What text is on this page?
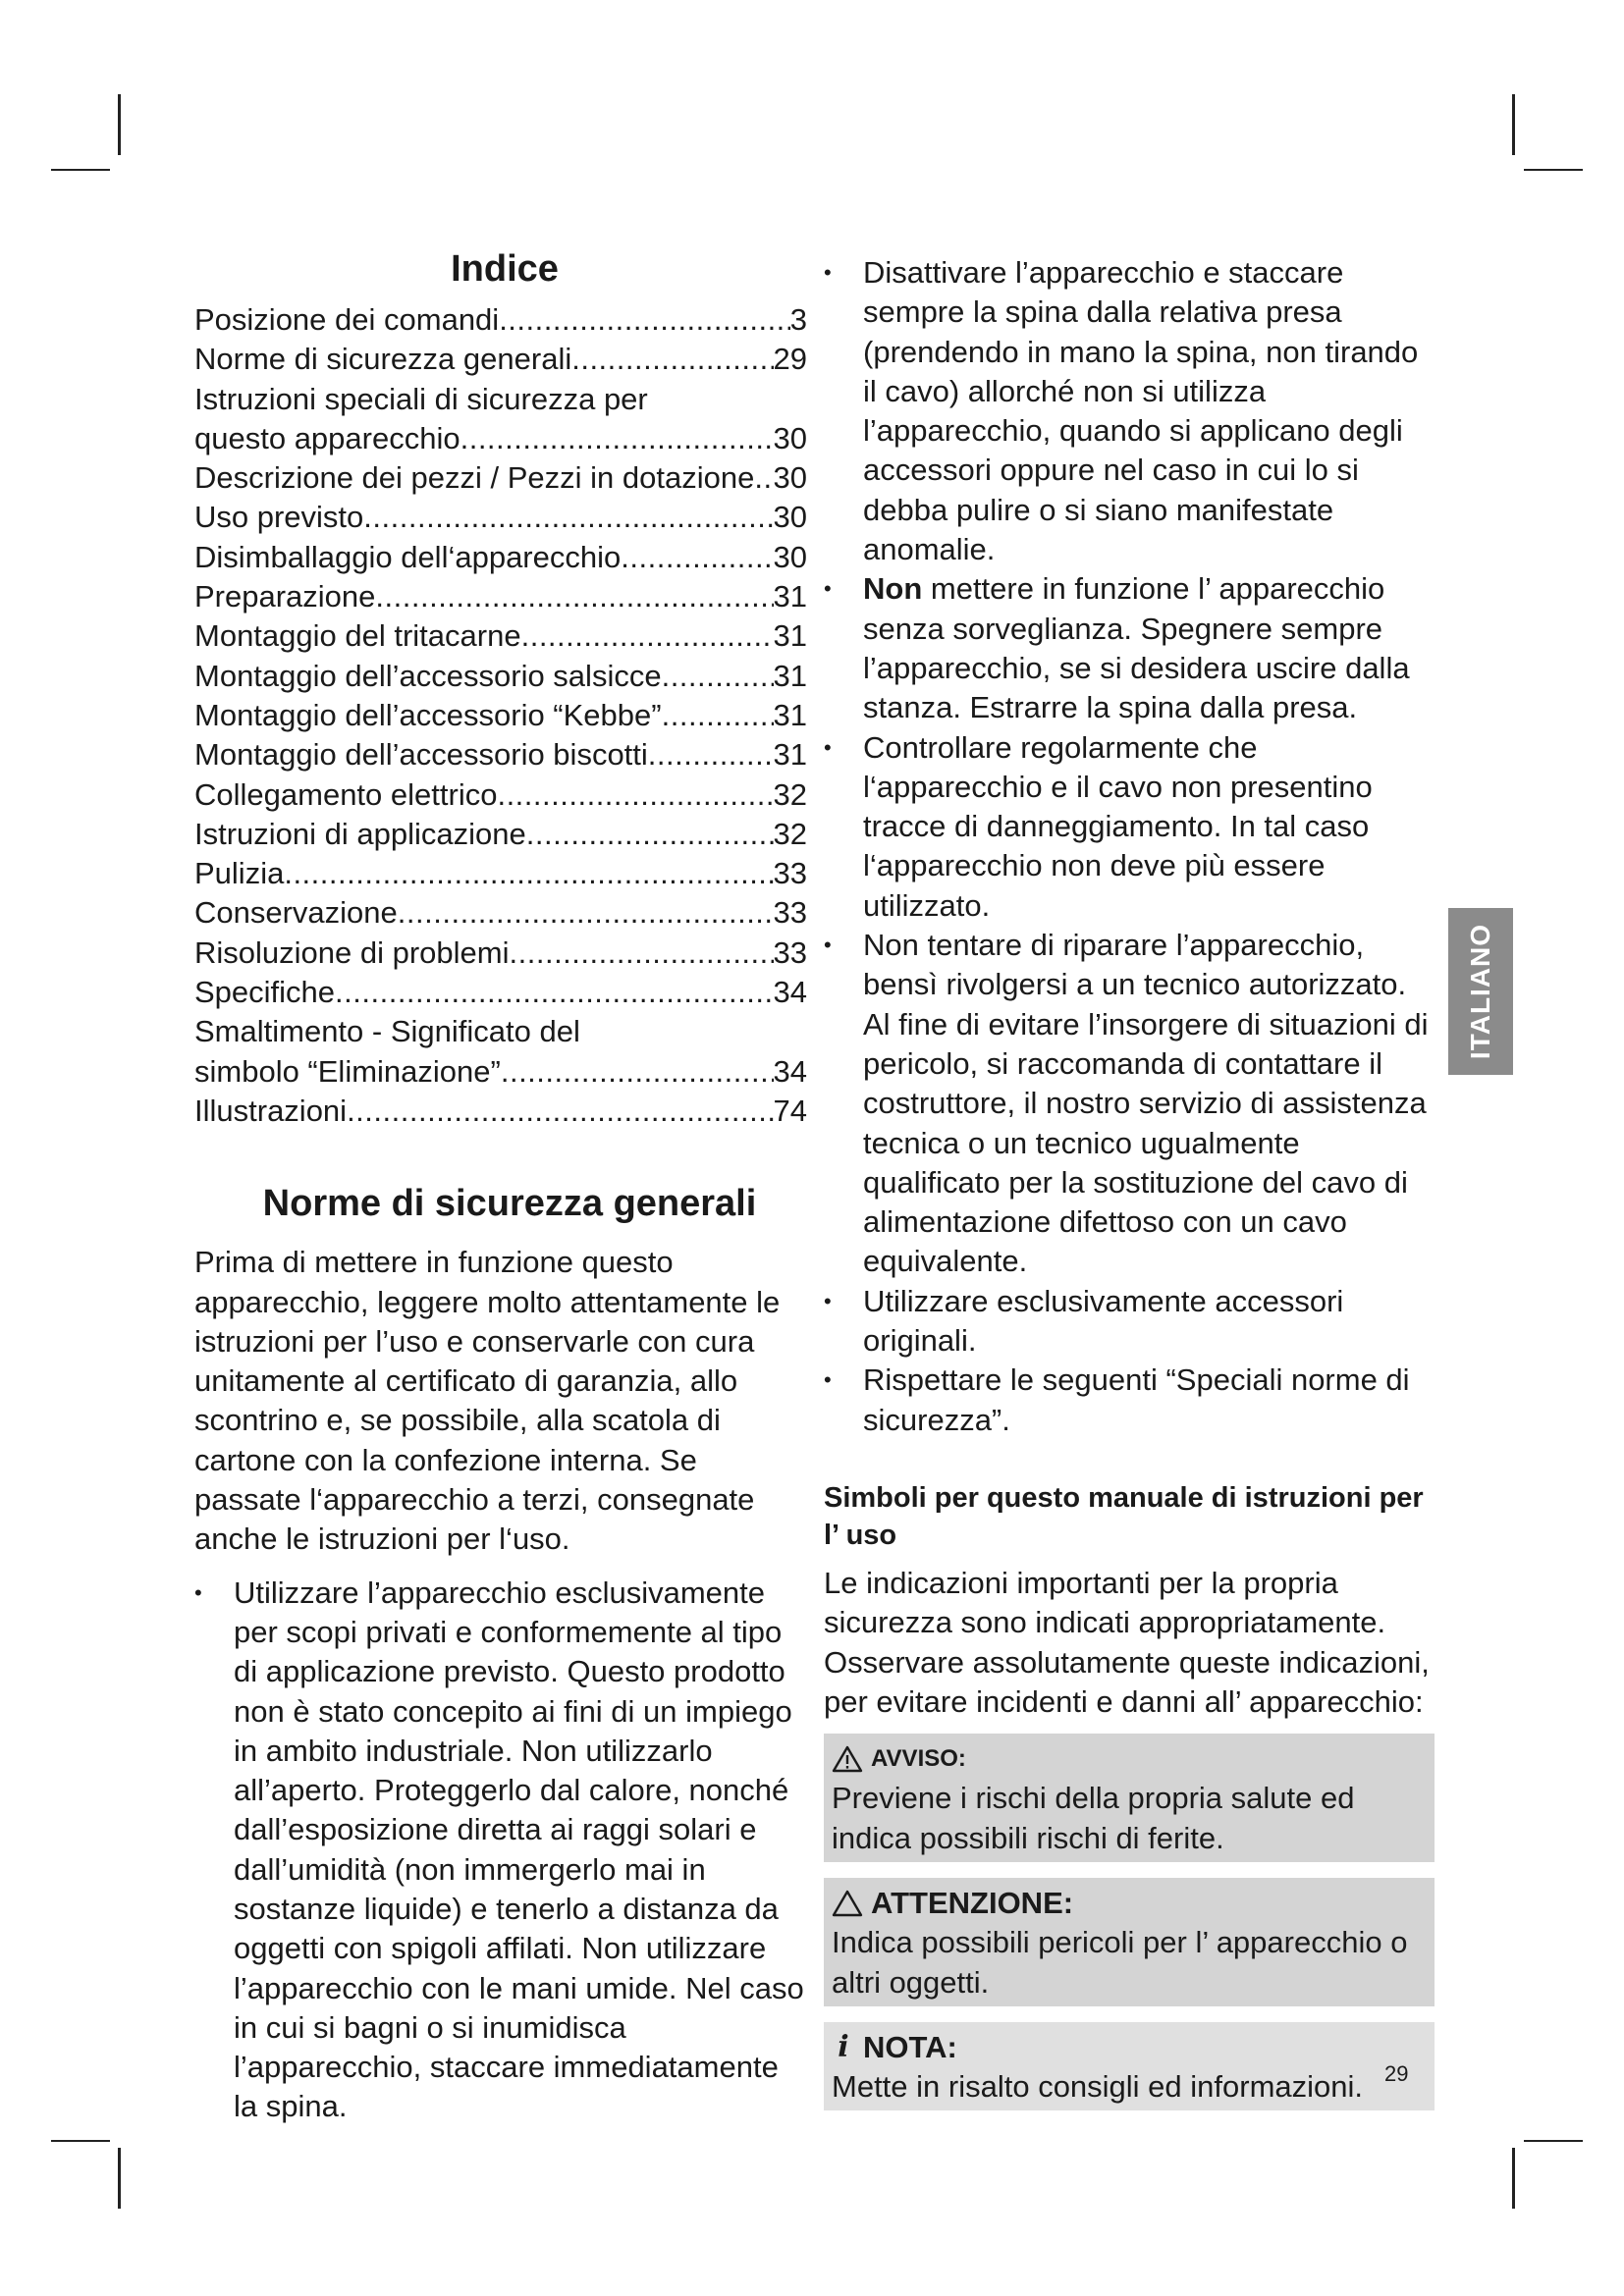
Indice
Posizione dei comandi .....	3
Norme di sicurezza generali .....	29
Istruzioni speciali di sicurezza per
questo apparecchio .....	30
Descrizione dei pezzi / Pezzi in dotazione ..... 30
Uso previsto .....	30
Disimballaggio dell‘apparecchio .....	30
Preparazione .....	31
Montaggio del tritacarne .....	31
Montaggio dell’accessorio salsicce .....	31
Montaggio dell’accessorio “Kebbe” .....	31
Montaggio dell’accessorio biscotti .....	31
Collegamento elettrico .....	32
Istruzioni di applicazione .....	32
Pulizia .....	33
Conservazione .....	33
Risoluzione di problemi .....	33
Specifiche .....	34
Smaltimento - Significato del
simbolo “Eliminazione” .....	34
Illustrazioni .....	74
Norme di sicurezza generali

Prima di mettere in funzione questo apparecchio, leggere molto attentamente le istruzioni per l’uso e conservarle con cura unitamente al certificato di garanzia, allo scontrino e, se possibile, alla scatola di cartone con la confezione interna. Se passate l‘apparecchio a terzi, consegnate anche le istruzioni per l‘uso.

• Utilizzare l’apparecchio esclusivamente per scopi privati e conformemente al tipo di applicazione previsto. Questo prodotto non è stato concepito ai fini di un impiego in ambito industriale. Non utilizzarlo all’aperto. Proteggerlo dal calore, nonché dall’esposizione diretta ai raggi solari e dall’umidità (non immergerlo mai in sostanze liquide) e tenerlo a distanza da oggetti con spigoli affilati. Non utilizzare l’apparecchio con le mani umide. Nel caso in cui si bagni o si inumidisca l’apparecchio, staccare immediatamente la spina.
• Disattivare l’apparecchio e staccare sempre la spina dalla relativa presa (prendendo in mano la spina, non tirando il cavo) allorché non si utilizza l’apparecchio, quando si applicano degli accessori oppure nel caso in cui lo si debba pulire o si siano manifestate anomalie.
• Non mettere in funzione l’ apparecchio senza sorveglianza. Spegnere sempre l’apparecchio, se si desidera uscire dalla stanza. Estrarre la spina dalla presa.
• Controllare regolarmente che l‘apparecchio e il cavo non presentino tracce di danneggiamento. In tal caso l‘apparecchio non deve più essere utilizzato.
• Non tentare di riparare l’apparecchio, bensì rivolgersi a un tecnico autorizzato. Al fine di evitare l’insorgere di situazioni di pericolo, si raccomanda di contattare il costruttore, il nostro servizio di assistenza tecnica o un tecnico ugualmente qualificato per la sostituzione del cavo di alimentazione difettoso con un cavo equivalente.
• Utilizzare esclusivamente accessori originali.
• Rispettare le seguenti “Speciali norme di sicurezza”.
Simboli per questo manuale di istruzioni per l’ uso

Le indicazioni importanti per la propria sicurezza sono indicati appropriatamente. Osservare assolutamente queste indicazioni, per evitare incidenti e danni all’ apparecchio:

AVVISO:

Previene i rischi della propria salute ed indica possibili rischi di ferite.

ATTENZIONE:

Indica possibili pericoli per l’ apparecchio o altri oggetti.

i NOTA:

Mette in risalto consigli ed informazioni.

ITALIANO
29
